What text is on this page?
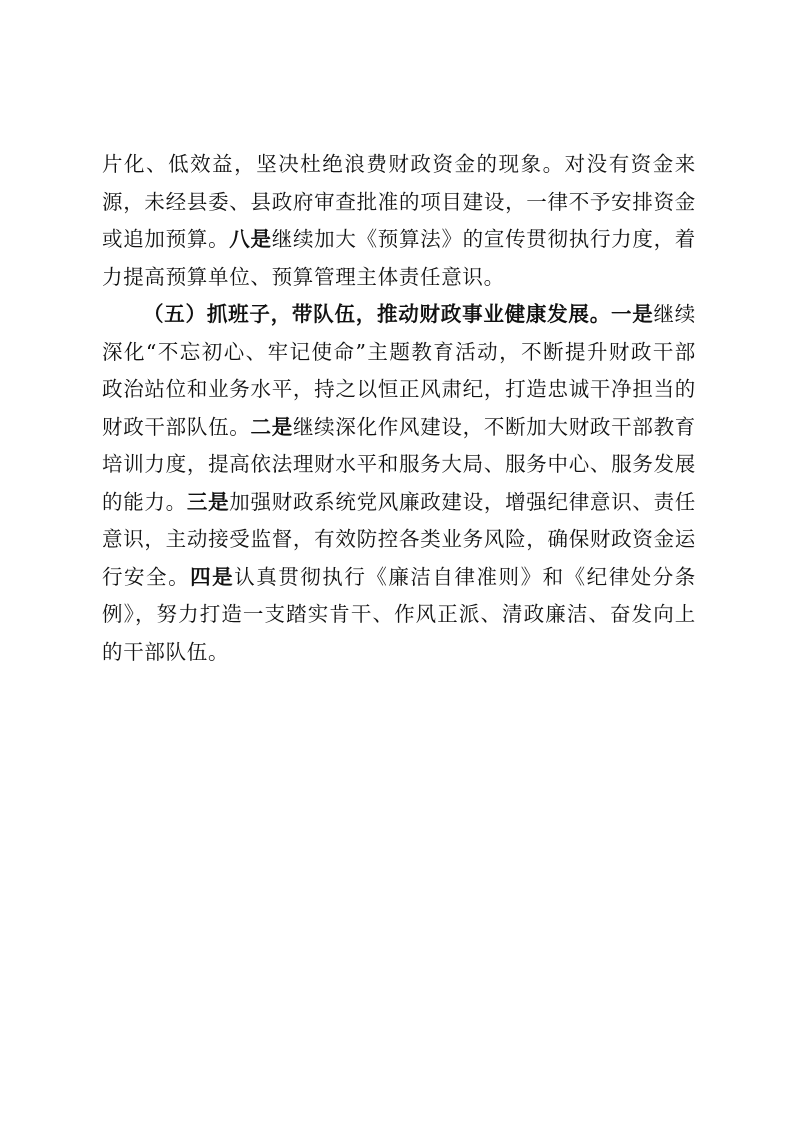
片化、低效益，坚决杜绝浪费财政资金的现象。对没有资金来源，未经县委、县政府审查批准的项目建设，一律不予安排资金或追加预算。八是继续加大《预算法》的宣传贯彻执行力度，着力提高预算单位、预算管理主体责任意识。

（五）抓班子，带队伍，推动财政事业健康发展。一是继续深化“不忘初心、牢记使命”主题教育活动，不断提升财政干部政治站位和业务水平，持之以恒正风肃纪，打造忠诚干净担当的财政干部队伍。二是继续深化作风建设，不断加大财政干部教育培训力度，提高依法理财水平和服务大局、服务中心、服务发展的能力。三是加强财政系统党风廉政建设，增强纪律意识、责任意识，主动接受监督，有效防控各类业务风险，确保财政资金运行安全。四是认真贯彻执行《廉洁自律准则》和《纪律处分条例》，努力打造一支踏实肯干、作风正派、清政廉洁、奋发向上的干部队伍。
